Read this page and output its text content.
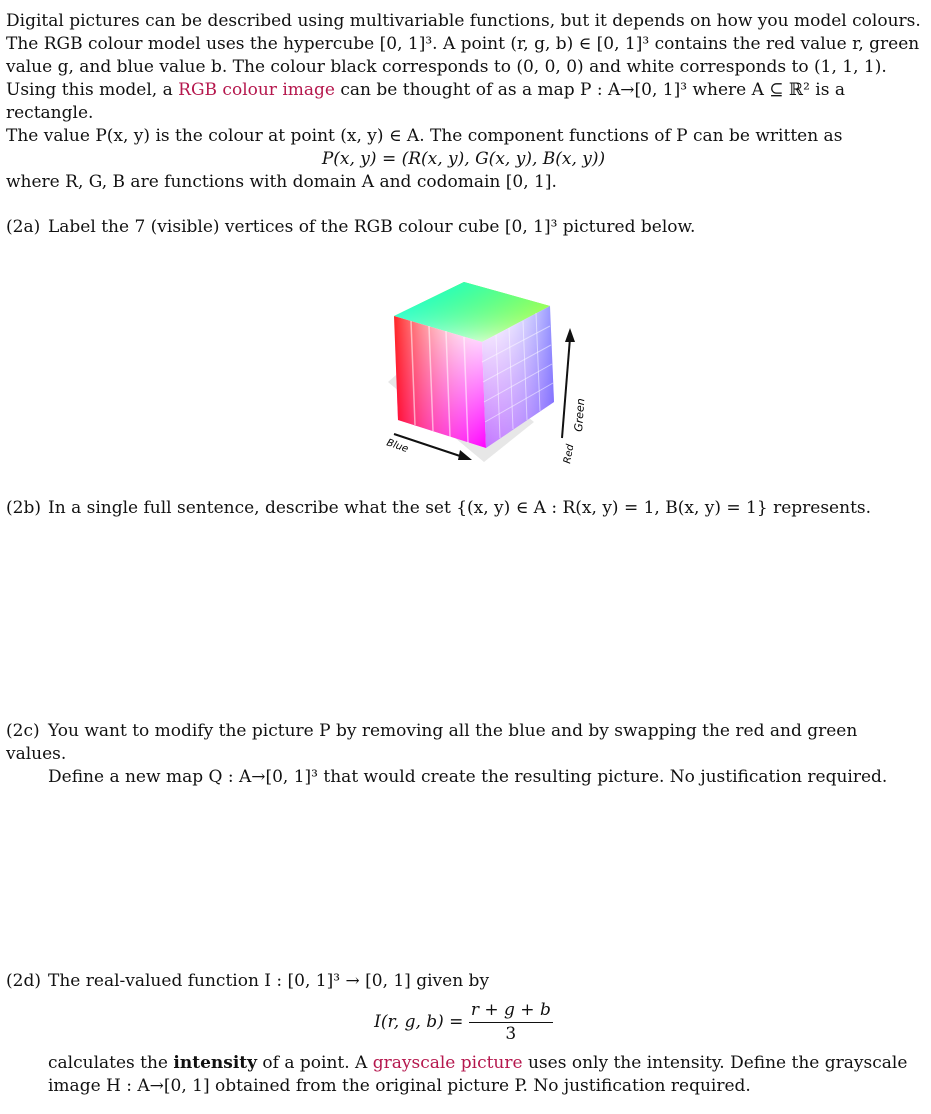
Digital pictures can be described using multivariable functions, but it depends on how you model colours.

The RGB colour model uses the hypercube [0, 1]³. A point (r, g, b) ∈ [0, 1]³ contains the red value r, green

value g, and blue value b. The colour black corresponds to (0, 0, 0) and white corresponds to (1, 1, 1).

Using this model, a RGB colour image can be thought of as a map P : A→[0, 1]³ where A ⊆ ℝ² is a rectangle.

The value P(x, y) is the colour at point (x, y) ∈ A. The component functions of P can be written as

P(x, y) = (R(x, y), G(x, y), B(x, y))

where R, G, B are functions with domain A and codomain [0, 1].

(2a) Label the 7 (visible) vertices of the RGB colour cube [0, 1]³ pictured below.
Blue	Red
Green
(2b) In a single full sentence, describe what the set {(x, y) ∈ A : R(x, y) = 1, B(x, y) = 1} represents.
(2c) You want to modify the picture P by removing all the blue and by swapping the red and green values.
Define a new map Q : A→[0, 1]³ that would create the resulting picture. No justification required.
(2d) The real-valued function I : [0, 1]³ → [0, 1] given by
I(r, g, $b) = \frac{r + g + b}{3}$
calculates the intensity of a point. A grayscale picture uses only the intensity. Define the grayscale
image H : A→[0, 1] obtained from the original picture P. No justification required.
